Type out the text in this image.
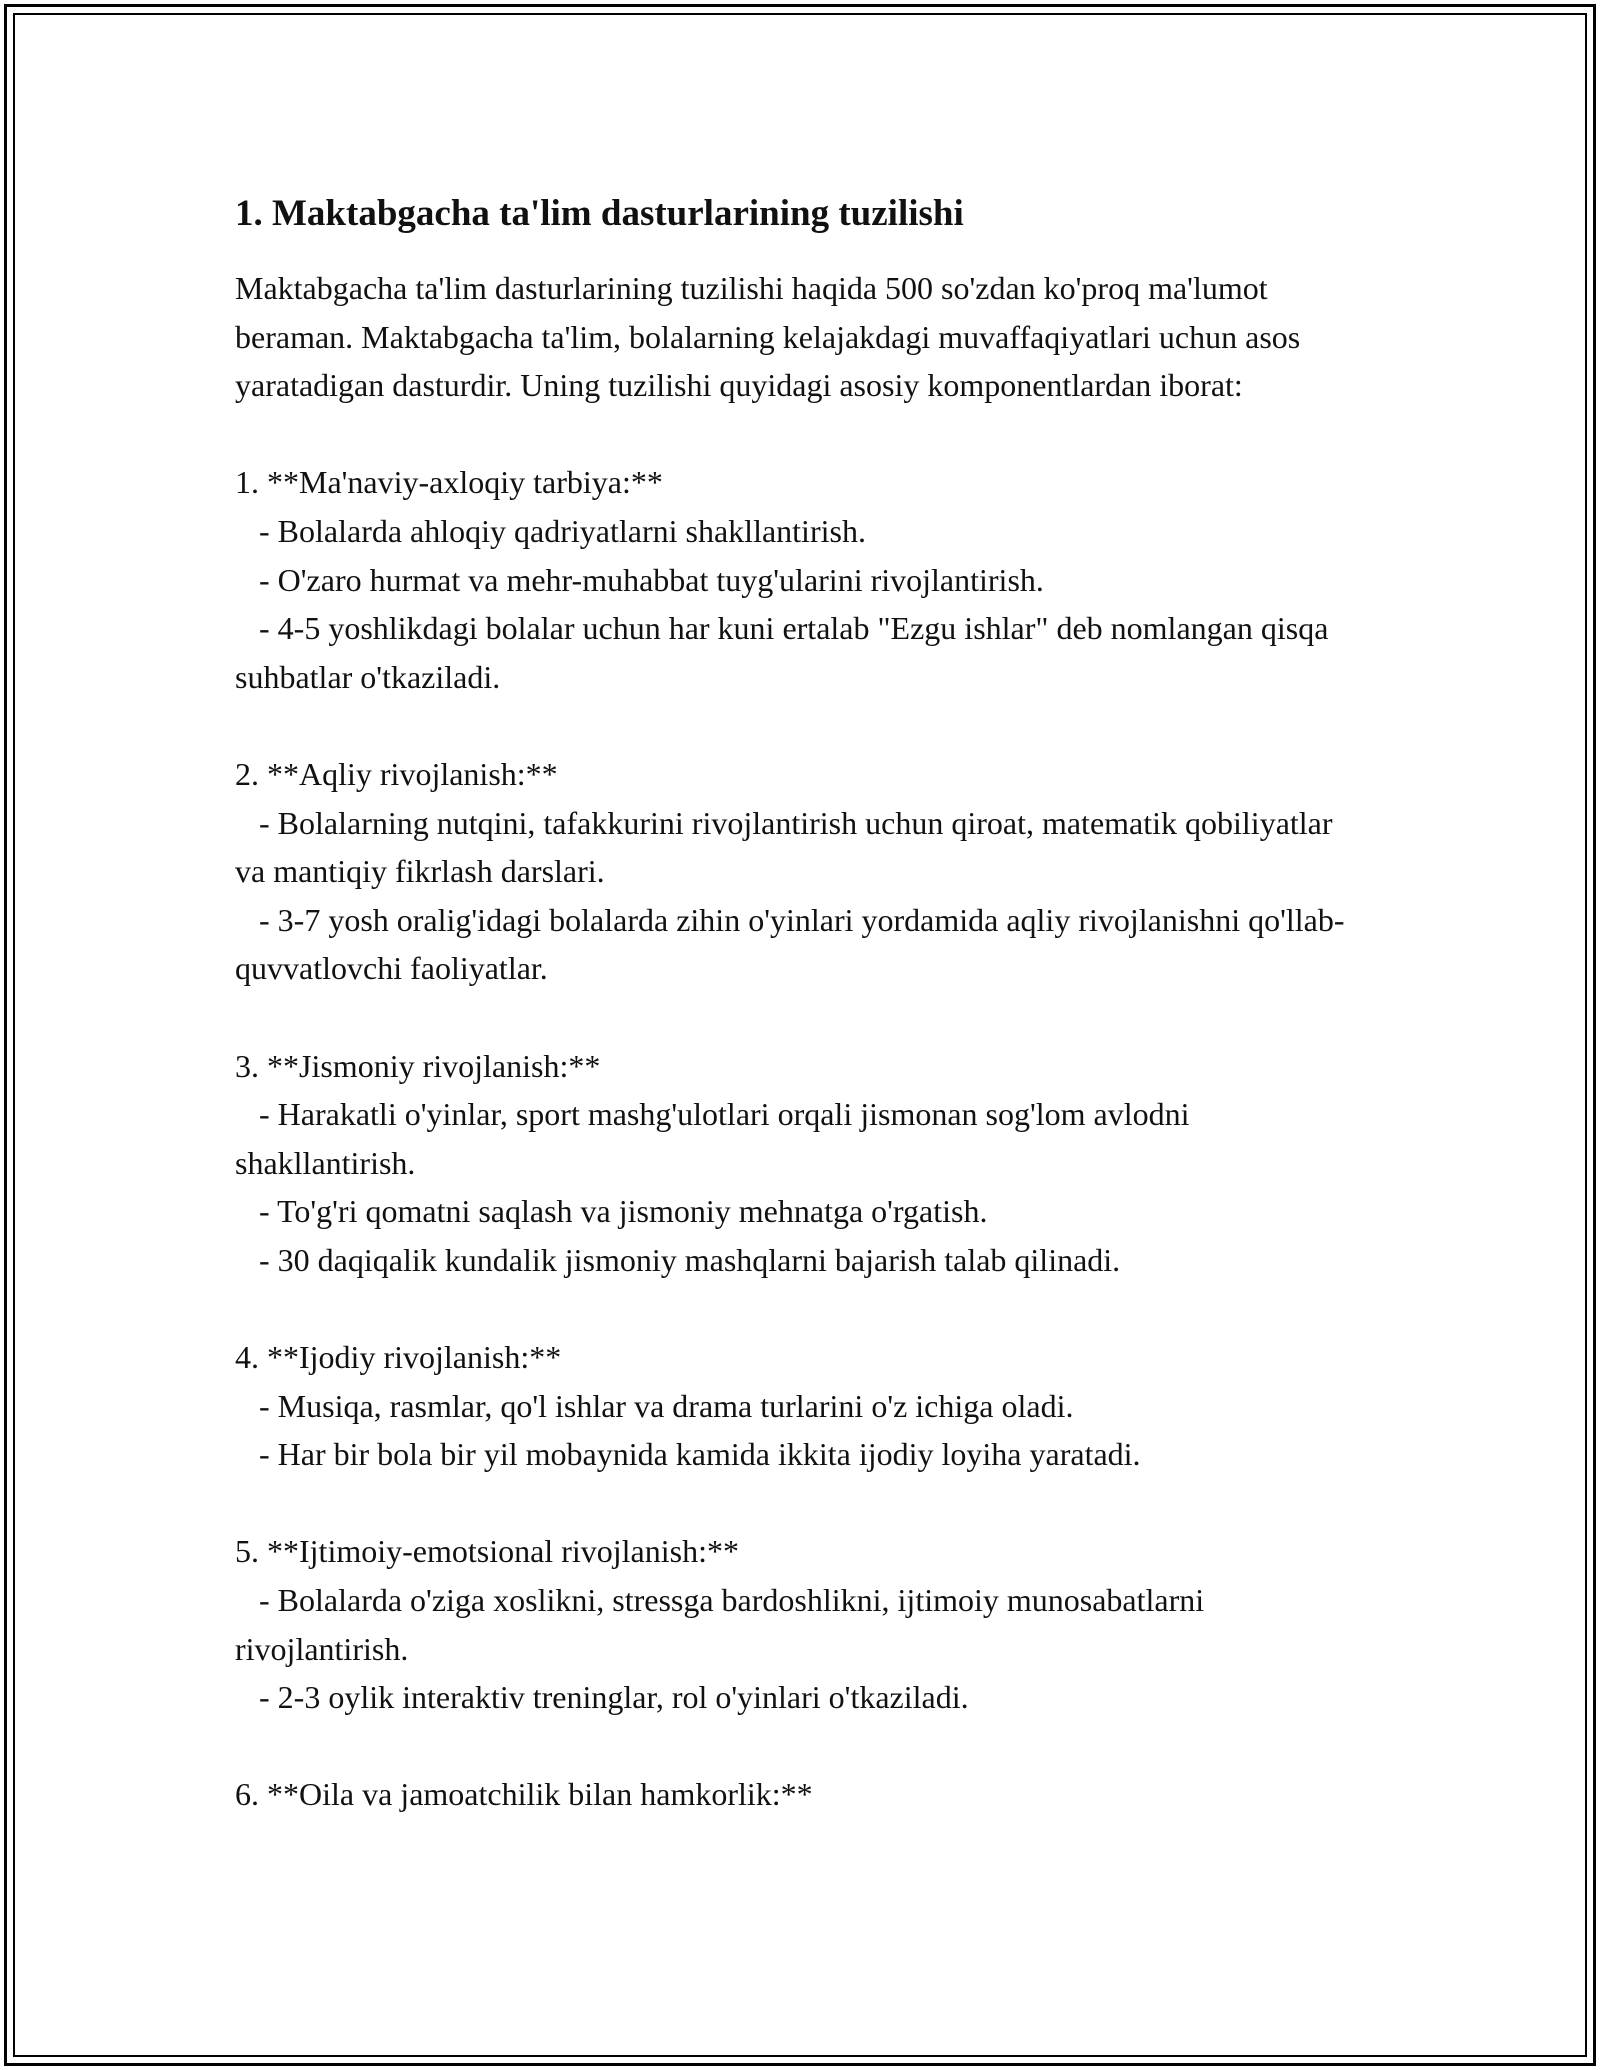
1. Maktabgacha ta'lim dasturlarining tuzilishi
Maktabgacha ta'lim dasturlarining tuzilishi haqida 500 so'zdan ko'proq ma'lumot beraman. Maktabgacha ta'lim, bolalarning kelajakdagi muvaffaqiyatlari uchun asos yaratadigan dasturdir. Uning tuzilishi quyidagi asosiy komponentlardan iborat:

1. **Ma'naviy-axloqiy tarbiya:**
- Bolalarda ahloqiy qadriyatlarni shakllantirish.
- O'zaro hurmat va mehr-muhabbat tuyg'ularini rivojlantirish.
- 4-5 yoshlikdagi bolalar uchun har kuni ertalab "Ezgu ishlar" deb nomlangan qisqa suhbatlar o'tkaziladi.

2. **Aqliy rivojlanish:**
- Bolalarning nutqini, tafakkurini rivojlantirish uchun qiroat, matematik qobiliyatlar va mantiqiy fikrlash darslari.
- 3-7 yosh oralig'idagi bolalarda zihin o'yinlari yordamida aqliy rivojlanishni qo'llab-quvvatlovchi faoliyatlar.

3. **Jismoniy rivojlanish:**
- Harakatli o'yinlar, sport mashg'ulotlari orqali jismonan sog'lom avlodni shakllantirish.
- To'g'ri qomatni saqlash va jismoniy mehnatga o'rgatish.
- 30 daqiqalik kundalik jismoniy mashqlarni bajarish talab qilinadi.

4. **Ijodiy rivojlanish:**
- Musiqa, rasmlar, qo'l ishlar va drama turlarini o'z ichiga oladi.
- Har bir bola bir yil mobaynida kamida ikkita ijodiy loyiha yaratadi.

5. **Ijtimoiy-emotsional rivojlanish:**
- Bolalarda o'ziga xoslikni, stressga bardoshlikni, ijtimoiy munosabatlarni rivojlantirish.
- 2-3 oylik interaktiv treninglar, rol o'yinlari o'tkaziladi.

6. **Oila va jamoatchilik bilan hamkorlik:**
